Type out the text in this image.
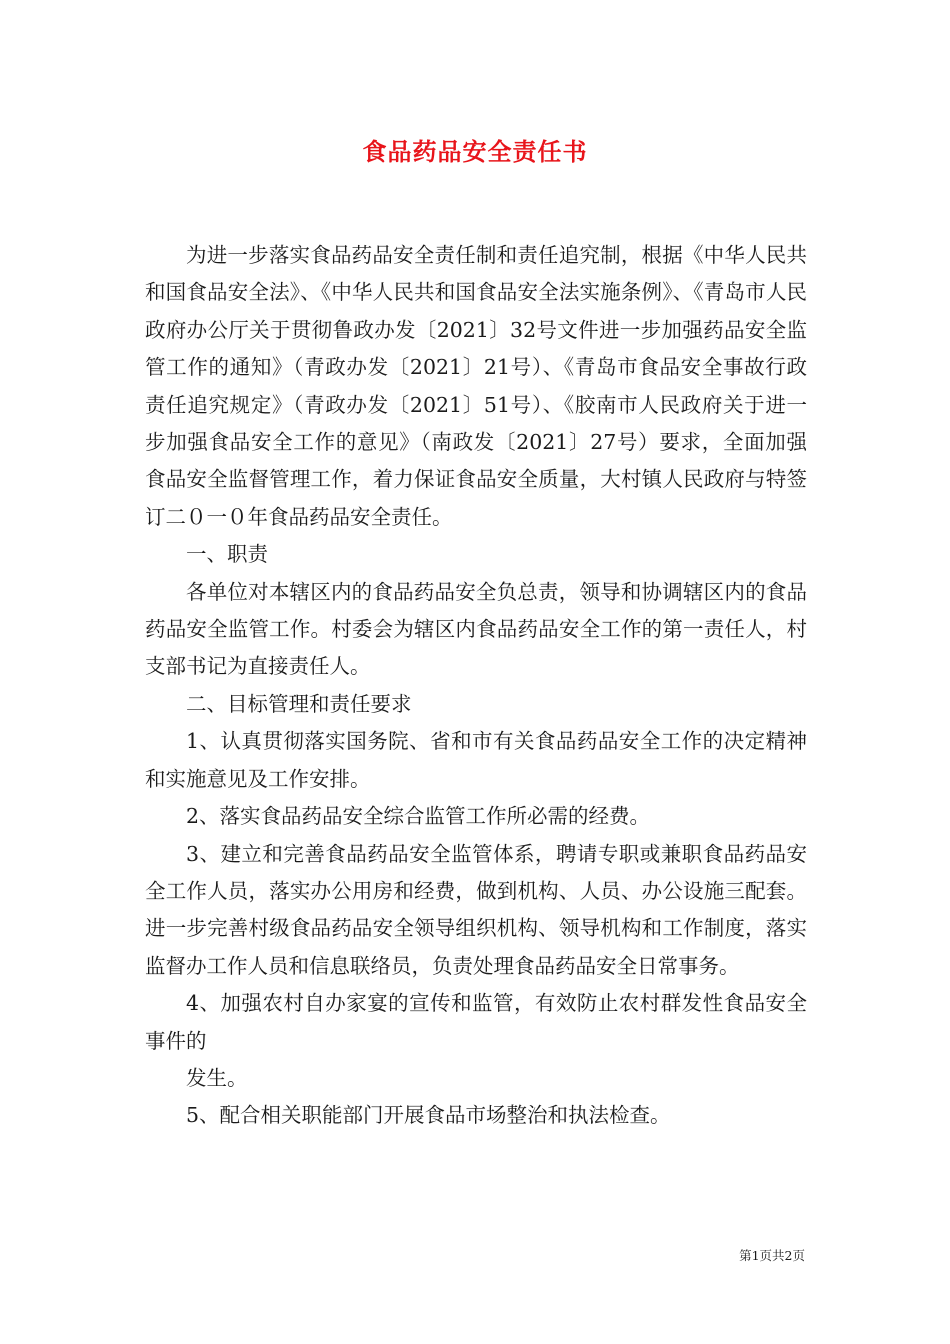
食品药品安全责任书

为进一步落实食品药品安全责任制和责任追究制，根据《中华人民共和国食品安全法》、《中华人民共和国食品安全法实施条例》、《青岛市人民政府办公厅关于贯彻鲁政办发〔2021〕32号文件进一步加强药品安全监管工作的通知》（青政办发〔2021〕21号）、《青岛市食品安全事故行政责任追究规定》（青政办发〔2021〕51号）、《胶南市人民政府关于进一步加强食品安全工作的意见》（南政发〔2021〕27号）要求，全面加强食品安全监督管理工作，着力保证食品安全质量，大村镇人民政府与特签订二０一０年食品药品安全责任。

一、职责

各单位对本辖区内的食品药品安全负总责，领导和协调辖区内的食品药品安全监管工作。村委会为辖区内食品药品安全工作的第一责任人，村支部书记为直接责任人。

二、目标管理和责任要求

1、认真贯彻落实国务院、省和市有关食品药品安全工作的决定精神和实施意见及工作安排。

2、落实食品药品安全综合监管工作所必需的经费。

3、建立和完善食品药品安全监管体系，聘请专职或兼职食品药品安全工作人员，落实办公用房和经费，做到机构、人员、办公设施三配套。进一步完善村级食品药品安全领导组织机构、领导机构和工作制度，落实监督办工作人员和信息联络员，负责处理食品药品安全日常事务。

4、加强农村自办家宴的宣传和监管，有效防止农村群发性食品安全事件的

发生。

5、配合相关职能部门开展食品市场整治和执法检查。

第1页共2页
